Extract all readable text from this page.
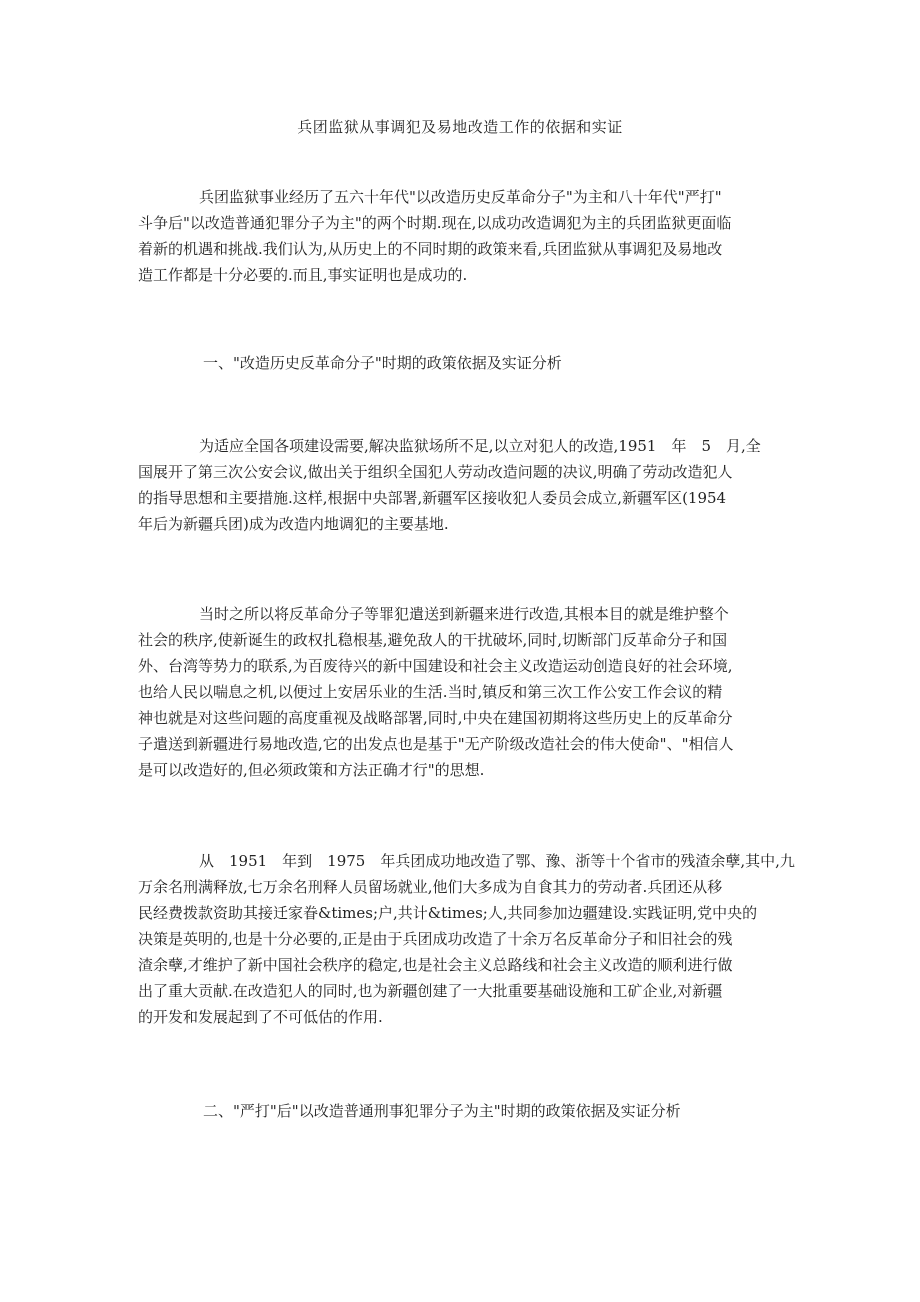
兵团监狱从事调犯及易地改造工作的依据和实证
兵团监狱事业经历了五六十年代"以改造历史反革命分子"为主和八十年代"严打"
斗争后"以改造普通犯罪分子为主"的两个时期.现在,以成功改造调犯为主的兵团监狱更面临
着新的机遇和挑战.我们认为,从历史上的不同时期的政策来看,兵团监狱从事调犯及易地改
造工作都是十分必要的.而且,事实证明也是成功的.
一、"改造历史反革命分子"时期的政策依据及实证分析
为适应全国各项建设需要,解决监狱场所不足,以立对犯人的改造,1951　年　5　月,全
国展开了第三次公安会议,做出关于组织全国犯人劳动改造问题的决议,明确了劳动改造犯人
的指导思想和主要措施.这样,根据中央部署,新疆军区接收犯人委员会成立,新疆军区(1954
年后为新疆兵团)成为改造内地调犯的主要基地.
当时之所以将反革命分子等罪犯遣送到新疆来进行改造,其根本目的就是维护整个
社会的秩序,使新诞生的政权扎稳根基,避免敌人的干扰破坏,同时,切断部门反革命分子和国
外、台湾等势力的联系,为百废待兴的新中国建设和社会主义改造运动创造良好的社会环境,
也给人民以喘息之机,以便过上安居乐业的生活.当时,镇反和第三次工作公安工作会议的精
神也就是对这些问题的高度重视及战略部署,同时,中央在建国初期将这些历史上的反革命分
子遣送到新疆进行易地改造,它的出发点也是基于"无产阶级改造社会的伟大使命"、"相信人
是可以改造好的,但必须政策和方法正确才行"的思想.
从　1951　年到　1975　年兵团成功地改造了鄂、豫、浙等十个省市的残渣余孽,其中,九
万余名刑满释放,七万余名刑释人员留场就业,他们大多成为自食其力的劳动者.兵团还从移
民经费拨款资助其接迁家眷&times;户,共计&times;人,共同参加边疆建设.实践证明,党中央的
决策是英明的,也是十分必要的,正是由于兵团成功改造了十余万名反革命分子和旧社会的残
渣余孽,才维护了新中国社会秩序的稳定,也是社会主义总路线和社会主义改造的顺利进行做
出了重大贡献.在改造犯人的同时,也为新疆创建了一大批重要基础设施和工矿企业,对新疆
的开发和发展起到了不可低估的作用.
二、"严打"后"以改造普通刑事犯罪分子为主"时期的政策依据及实证分析
